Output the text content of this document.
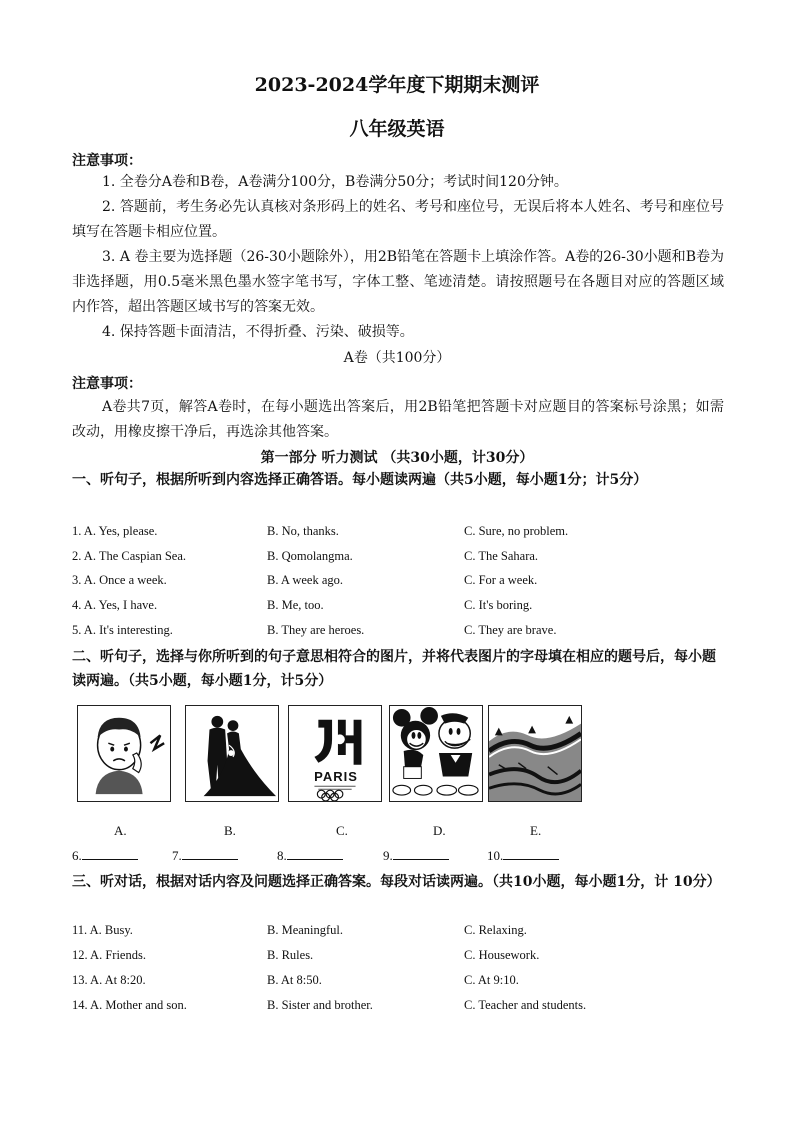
2023-2024学年度下期期末测评
八年级英语
注意事项：

1. 全卷分A卷和B卷，A卷满分100分，B卷满分50分；考试时间120分钟。

2. 答题前，考生务必先认真核对条形码上的姓名、考号和座位号，无误后将本人姓名、考号和座位号填写在答题卡相应位置。

3. A 卷主要为选择题（26-30小题除外），用2B铅笔在答题卡上填涂作答。A卷的26-30小题和B卷为非选择题，用0.5毫米黑色墨水签字笔书写，字体工整、笔迹清楚。请按照题号在各题目对应的答题区域内作答，超出答题区域书写的答案无效。

4. 保持答题卡面清洁，不得折叠、污染、破损等。

A卷（共100分）
注意事项：

A卷共7页，解答A卷时，在每小题选出答案后，用2B铅笔把答题卡对应题目的答案标号涂黑；如需改动，用橡皮擦干净后，再选涂其他答案。

第一部分 听力测试 （共30小题，计30分）
一、听句子，根据所听到内容选择正确答语。每小题读两遍（共5小题，每小题1分；计5分）
1. A. Yes, please.	B. No, thanks.	C. Sure, no problem.
2. A. The Caspian Sea.	B. Qomolangma.	C. The Sahara.
3. A. Once a week.	B. A week ago.	C. For a week.
4. A. Yes, I have.	B. Me, too.	C. It's boring.
5. A. It's interesting.	B. They are heroes.	C. They are brave.
二、听句子，选择与你所听到的句子意思相符合的图片，并将代表图片的字母填在相应的题号后，每小题读两遍。（共5小题，每小题1分，计5分）
PARIS
A.	B.	C.	D.	E.
6.	7.	8.	9.	10.
三、听对话，根据对话内容及问题选择正确答案。每段对话读两遍。（共10小题，每小题1分，计 10分）
11. A. Busy.	B. Meaningful.	C. Relaxing.
12. A. Friends.	B. Rules.	C. Housework.
13. A. At 8:20.	B. At 8:50.	C. At 9:10.
14. A. Mother and son.	B. Sister and brother.	C. Teacher and students.
